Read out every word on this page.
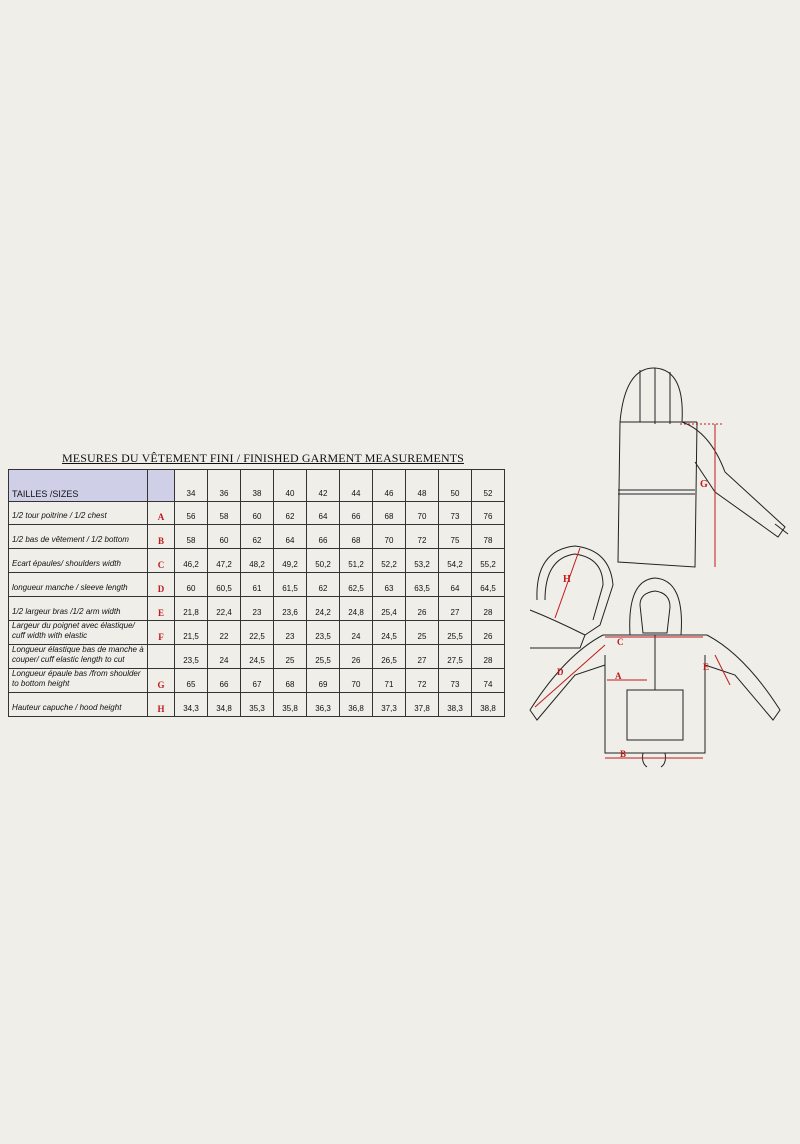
MESURES DU VÊTEMENT FINI / FINISHED GARMENT MEASUREMENTS
TAILLES /SIZES		34	36	38	40	42	44	46	48	50	52
1/2 tour poitrine / 1/2 chest	A	56	58	60	62	64	66	68	70	73	76
1/2 bas de vêtement / 1/2 bottom	B	58	60	62	64	66	68	70	72	75	78
Ecart épaules/ shoulders width	C	46,2	47,2	48,2	49,2	50,2	51,2	52,2	53,2	54,2	55,2
longueur manche / sleeve length	D	60	60,5	61	61,5	62	62,5	63	63,5	64	64,5
1/2 largeur bras /1/2 arm width	E	21,8	22,4	23	23,6	24,2	24,8	25,4	26	27	28
Largeur du poignet avec élastique/ cuff width with elastic	F	21,5	22	22,5	23	23,5	24	24,5	25	25,5	26
Longueur élastique bas de manche à couper/ cuff elastic length to cut		23,5	24	24,5	25	25,5	26	26,5	27	27,5	28
Longueur épaule bas /from shoulder to bottom height	G	65	66	67	68	69	70	71	72	73	74
Hauteur capuche / hood height	H	34,3	34,8	35,3	35,8	36,3	36,8	37,3	37,8	38,3	38,8
G
H
C
A
B
D	E
